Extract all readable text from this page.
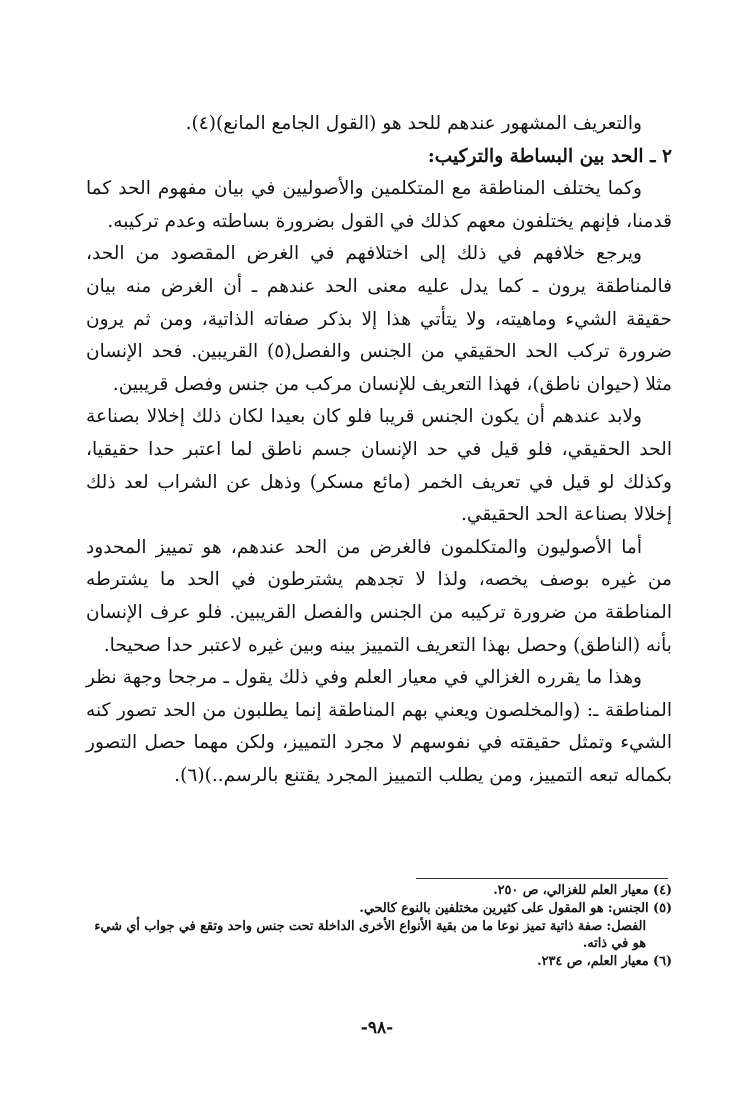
والتعريف المشهور عندهم للحد هو (القول الجامع المانع)(٤).

٢ ـ الحد بين البساطة والتركيب:

وكما يختلف المناطقة مع المتكلمين والأصوليين في بيان مفهوم الحد كما قدمنا، فإنهم يختلفون معهم كذلك في القول بضرورة بساطته وعدم تركيبه.

ويرجع خلافهم في ذلك إلى اختلافهم في الغرض المقصود من الحد، فالمناطقة يرون ـ كما يدل عليه معنى الحد عندهم ـ أن الغرض منه بيان حقيقة الشيء وماهيته، ولا يتأتي هذا إلا بذكر صفاته الذاتية، ومن ثم يرون ضرورة تركب الحد الحقيقي من الجنس والفصل(٥) القريبين. فحد الإنسان مثلا (حيوان ناطق)، فهذا التعريف للإنسان مركب من جنس وفصل قريبين.

ولابد عندهم أن يكون الجنس قريبا فلو كان بعيدا لكان ذلك إخلالا بصناعة الحد الحقيقي، فلو قيل في حد الإنسان جسم ناطق لما اعتبر حدا حقيقيا، وكذلك لو قيل في تعريف الخمر (مائع مسكر) وذهل عن الشراب لعد ذلك إخلالا بصناعة الحد الحقيقي.

أما الأصوليون والمتكلمون فالغرض من الحد عندهم، هو تمييز المحدود من غيره بوصف يخصه، ولذا لا تجدهم يشترطون في الحد ما يشترطه المناطقة من ضرورة تركيبه من الجنس والفصل القريبين. فلو عرف الإنسان بأنه (الناطق) وحصل بهذا التعريف التمييز بينه وبين غيره لاعتبر حدا صحيحا.

وهذا ما يقرره الغزالي في معيار العلم وفي ذلك يقول ـ مرجحا وجهة نظر المناطقة ـ: (والمخلصون ويعني بهم المناطقة إنما يطلبون من الحد تصور كنه الشيء وتمثل حقيقته في نفوسهم لا مجرد التمييز، ولكن مهما حصل التصور بكماله تبعه التمييز، ومن يطلب التمييز المجرد يقتنع بالرسم..)(٦).

(٤) معيار العلم للغزالي، ص ٢٥٠.
(٥) الجنس: هو المقول على كثيرين مختلفين بالنوع كالحي.
الفصل: صفة ذاتية تميز نوعا ما من بقية الأنواع الأخرى الداخلة تحت جنس واحد وتقع في جواب أي شيء هو في ذاته.
(٦) معيار العلم، ص ٢٣٤.
-٩٨-
